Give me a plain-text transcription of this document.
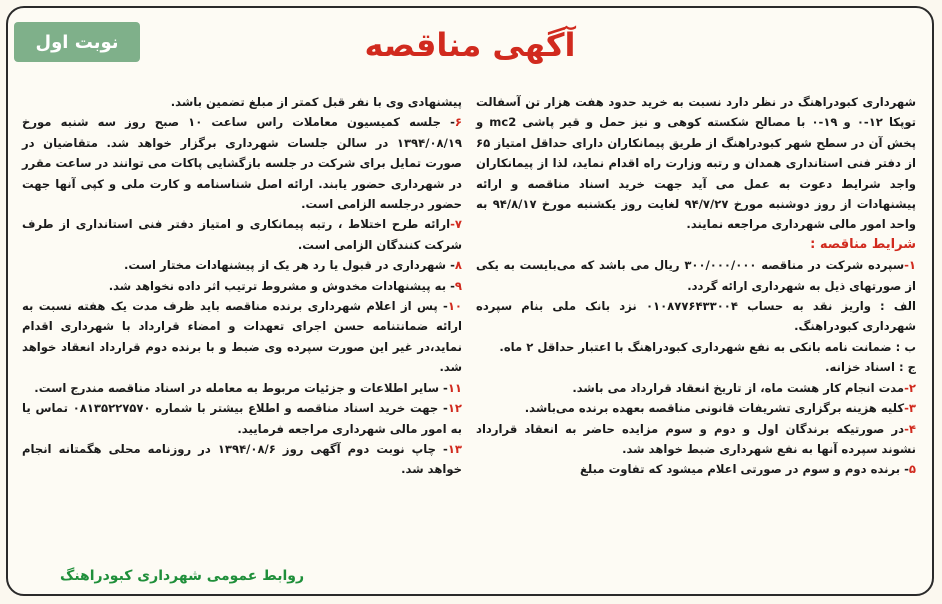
نوبت اول	آگهی مناقصه

شهرداری کبودراهنگ در نظر دارد نسبت به خرید حدود هفت هزار تن آسفالت توپکا ۱۲-۰ و ۱۹-۰ با مصالح شکسته کوهی و نیز حمل و قیر پاشی mc2 و پخش آن در سطح شهر کبودراهنگ از طریق پیمانکاران دارای حداقل امتیاز ۶۵ از دفتر فنی استانداری همدان و رتبه وزارت راه اقدام نماید، لذا از پیمانکاران واجد شرایط دعوت به عمل می آید جهت خرید اسناد مناقصه و ارائه پیشنهادات از روز دوشنبه مورخ ۹۴/۷/۲۷ لغایت روز یکشنبه مورخ ۹۴/۸/۱۷ به واحد امور مالی شهرداری مراجعه نمایند.

شرایط مناقصه :

۱-سپرده شرکت در مناقصه ۳۰۰/۰۰۰/۰۰۰ ریال می باشد که می‌بایست به یکی از صورتهای ذیل به شهرداری ارائه گردد.

الف : واریز نقد به حساب ۰۱۰۸۷۷۶۴۳۳۰۰۴ نزد بانک ملی بنام سپرده شهرداری کبودراهنگ.

ب : ضمانت نامه بانکی به نفع شهرداری کبودراهنگ با اعتبار حداقل ۲ ماه.

ج : اسناد خزانه.

۲-مدت انجام کار هشت ماه، از تاریخ انعقاد قرارداد می باشد.

۳-کلیه هزینه برگزاری تشریفات قانونی مناقصه بعهده برنده می‌باشد.

۴-در صورتیکه برندگان اول و دوم و سوم مزایده حاضر به انعقاد قرارداد نشوند سپرده آنها به نفع شهرداری ضبط خواهد شد.

۵- برنده دوم و سوم در صورتی اعلام میشود که تفاوت مبلغ

پیشنهادی وی با نفر قبل کمتر از مبلغ تضمین باشد.

۶- جلسه کمیسیون معاملات راس ساعت ۱۰ صبح روز سه شنبه مورخ ۱۳۹۴/۰۸/۱۹ در سالن جلسات شهرداری برگزار خواهد شد. متقاضیان در صورت تمایل برای شرکت در جلسه بازگشایی پاکات می توانند در ساعت مقرر در شهرداری حضور یابند. ارائه اصل شناسنامه و کارت ملی و کپی آنها جهت حضور درجلسه الزامی است.

۷-ارائه طرح اختلاط ، رتبه پیمانکاری و امتیاز دفتر فنی استانداری از طرف شرکت کنندگان الزامی است.

۸- شهرداری در قبول یا رد هر یک از پیشنهادات مختار است.

۹- به پیشنهادات مخدوش و مشروط ترتیب اثر داده نخواهد شد.

۱۰- پس از اعلام شهرداری برنده مناقصه باید ظرف مدت یک هفته نسبت به ارائه ضمانتنامه حسن اجرای تعهدات و امضاء قرارداد با شهرداری اقدام نماید،در غیر این صورت سپرده وی ضبط و با برنده دوم قرارداد انعقاد خواهد شد.

۱۱- سایر اطلاعات و جزئیات مربوط به معامله در اسناد مناقصه مندرج است.

۱۲- جهت خرید اسناد مناقصه و اطلاع بیشتر با شماره ۰۸۱۳۵۲۲۷۵۷۰ تماس یا به امور مالی شهرداری مراجعه فرمایید.

۱۳- چاپ نوبت دوم آگهی روز ۱۳۹۴/۰۸/۶ در روزنامه محلی هگمتانه انجام خواهد شد.

روابط عمومی شهرداری کبودراهنگ
